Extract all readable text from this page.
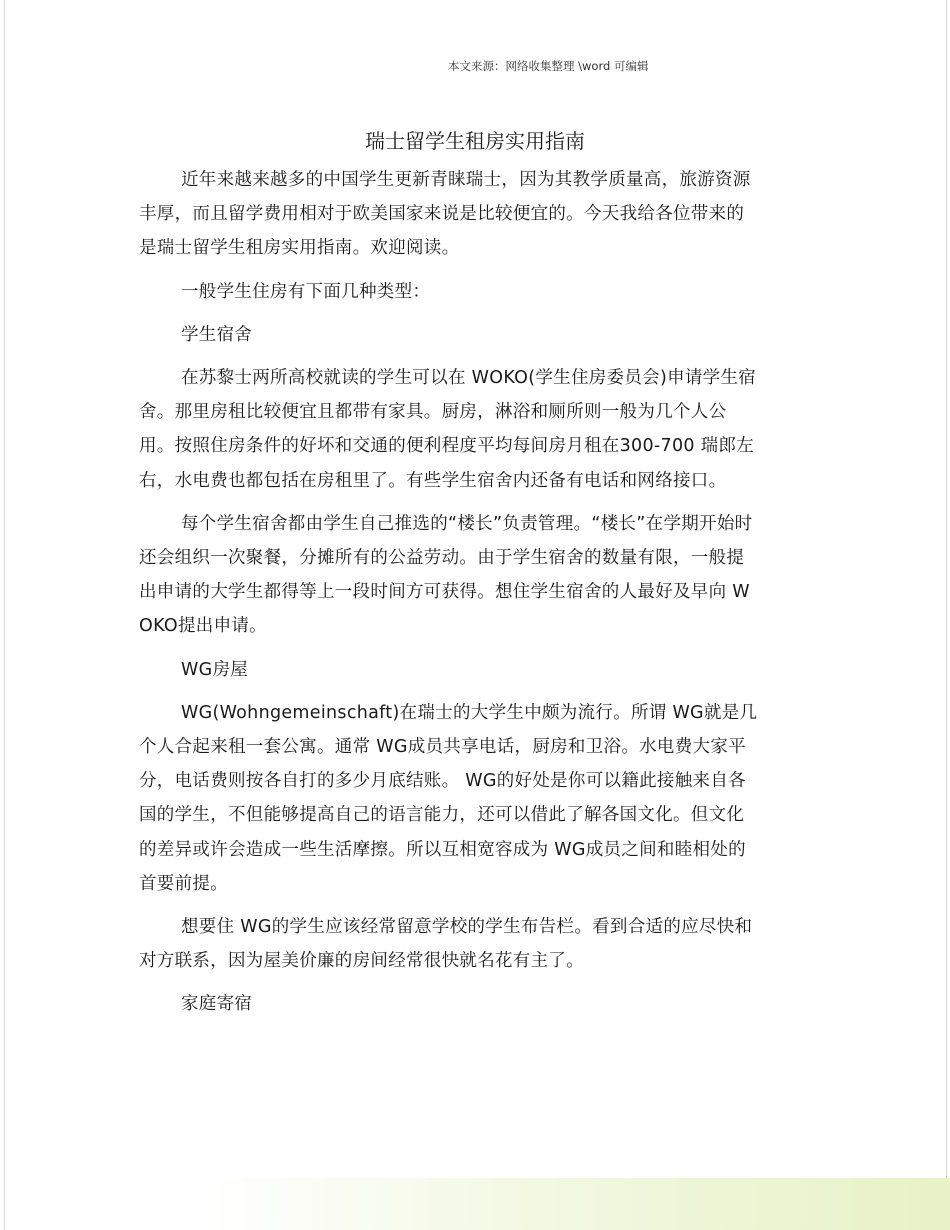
本文来源：网络收集整理 \word 可编辑
瑞士留学生租房实用指南

近年来越来越多的中国学生更新青睐瑞士，因为其教学质量高，旅游资源丰厚，而且留学费用相对于欧美国家来说是比较便宜的。今天我给各位带来的是瑞士留学生租房实用指南。欢迎阅读。

一般学生住房有下面几种类型：

学生宿舍

在苏黎士两所高校就读的学生可以在 WOKO(学生住房委员会)申请学生宿舍。那里房租比较便宜且都带有家具。厨房，淋浴和厕所则一般为几个人公用。按照住房条件的好坏和交通的便利程度平均每间房月租在300-700 瑞郎左右，水电费也都包括在房租里了。有些学生宿舍内还备有电话和网络接口。

每个学生宿舍都由学生自己推选的“楼长”负责管理。“楼长”在学期开始时还会组织一次聚餐，分摊所有的公益劳动。由于学生宿舍的数量有限，一般提出申请的大学生都得等上一段时间方可获得。想住学生宿舍的人最好及早向 WOKO提出申请。

WG房屋

WG(Wohngemeinschaft)在瑞士的大学生中颇为流行。所谓 WG就是几个人合起来租一套公寓。通常 WG成员共享电话，厨房和卫浴。水电费大家平分，电话费则按各自打的多少月底结账。 WG的好处是你可以籍此接触来自各国的学生，不但能够提高自己的语言能力，还可以借此了解各国文化。但文化的差异或许会造成一些生活摩擦。所以互相宽容成为 WG成员之间和睦相处的首要前提。

想要住 WG的学生应该经常留意学校的学生布告栏。看到合适的应尽快和对方联系，因为屋美价廉的房间经常很快就名花有主了。

家庭寄宿
